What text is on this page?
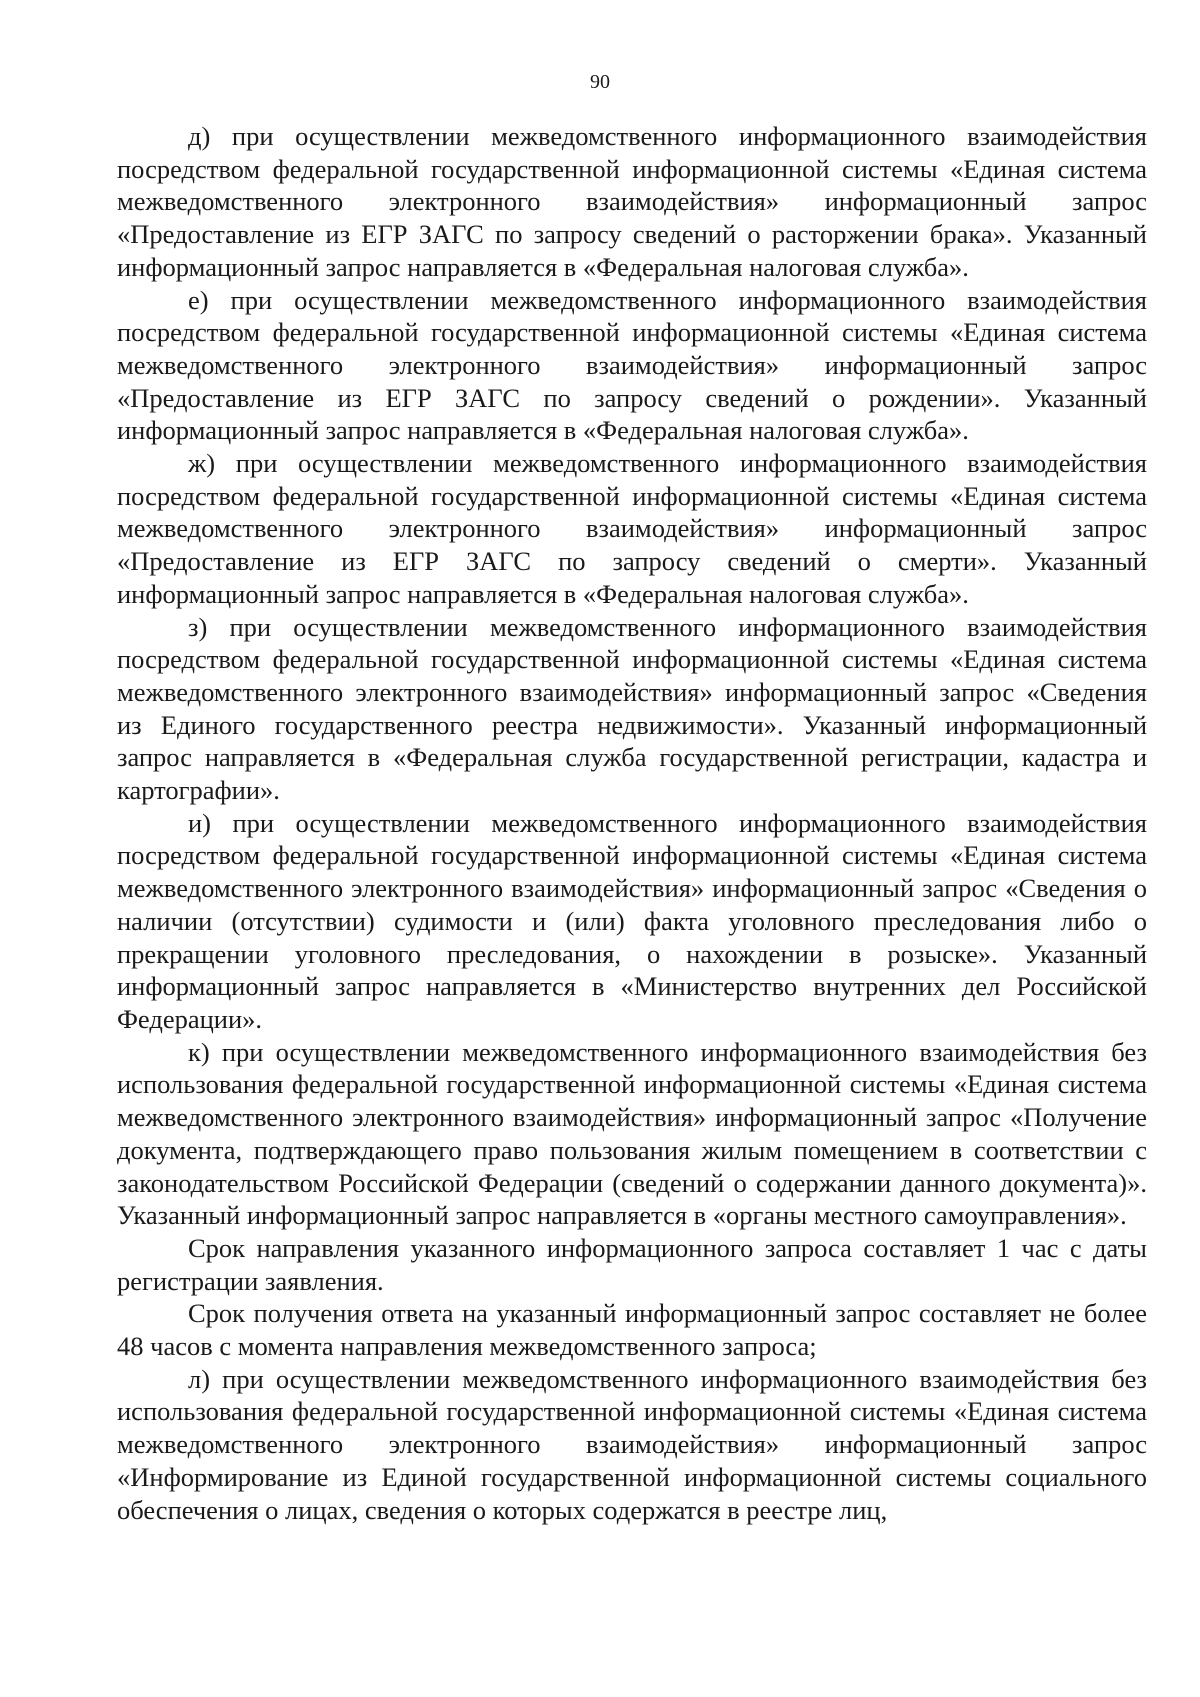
90

д) при осуществлении межведомственного информационного взаимодействия посредством федеральной государственной информационной системы «Единая система межведомственного электронного взаимодействия» информационный запрос «Предоставление из ЕГР ЗАГС по запросу сведений о расторжении брака». Указанный информационный запрос направляется в «Федеральная налоговая служба».

е) при осуществлении межведомственного информационного взаимодействия посредством федеральной государственной информационной системы «Единая система межведомственного электронного взаимодействия» информационный запрос «Предоставление из ЕГР ЗАГС по запросу сведений о рождении». Указанный информационный запрос направляется в «Федеральная налоговая служба».

ж) при осуществлении межведомственного информационного взаимодействия посредством федеральной государственной информационной системы «Единая система межведомственного электронного взаимодействия» информационный запрос «Предоставление из ЕГР ЗАГС по запросу сведений о смерти». Указанный информационный запрос направляется в «Федеральная налоговая служба».

з) при осуществлении межведомственного информационного взаимодействия посредством федеральной государственной информационной системы «Единая система межведомственного электронного взаимодействия» информационный запрос «Сведения из Единого государственного реестра недвижимости». Указанный информационный запрос направляется в «Федеральная служба государственной регистрации, кадастра и картографии».

и) при осуществлении межведомственного информационного взаимодействия посредством федеральной государственной информационной системы «Единая система межведомственного электронного взаимодействия» информационный запрос «Сведения о наличии (отсутствии) судимости и (или) факта уголовного преследования либо о прекращении уголовного преследования, о нахождении в розыске». Указанный информационный запрос направляется в «Министерство внутренних дел Российской Федерации».

к) при осуществлении межведомственного информационного взаимодействия без использования федеральной государственной информационной системы «Единая система межведомственного электронного взаимодействия» информационный запрос «Получение документа, подтверждающего право пользования жилым помещением в соответствии с законодательством Российской Федерации (сведений о содержании данного документа)». Указанный информационный запрос направляется в «органы местного самоуправления».

Срок направления указанного информационного запроса составляет 1 час с даты регистрации заявления.

Срок получения ответа на указанный информационный запрос составляет не более 48 часов с момента направления межведомственного запроса;

л) при осуществлении межведомственного информационного взаимодействия без использования федеральной государственной информационной системы «Единая система межведомственного электронного взаимодействия» информационный запрос «Информирование из Единой государственной информационной системы социального обеспечения о лицах, сведения о которых содержатся в реестре лиц,
